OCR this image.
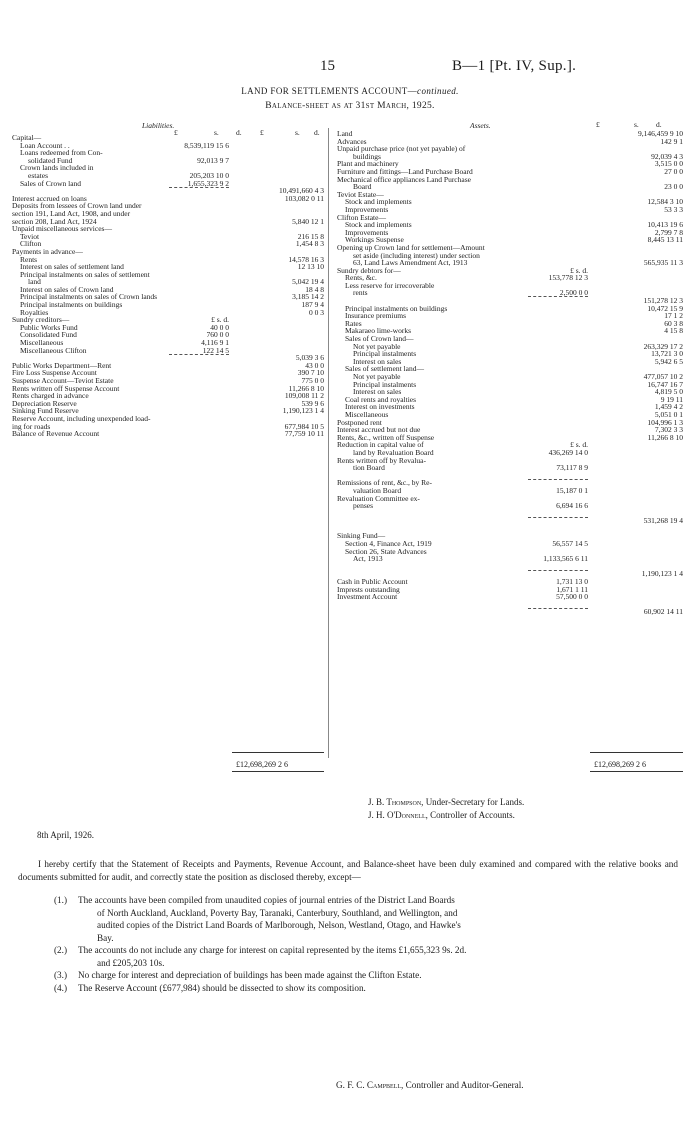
15	B—1 [Pt. IV, Sup.].
LAND FOR SETTLEMENTS ACCOUNT—continued.
Balance-sheet as at 31st March, 1925.
Liabilities.	Assets.
£	s. d. £	s. d.
£	s. d.
Capital—
Loan Account . .	8,539,119 15 6
Loans redeemed from Con-
solidated Fund	92,013 9 7
Crown lands included in
estates	205,203 10 0
Sales of Crown land	1,655,323 9 2
10,491,660 4 3
Interest accrued on loans	103,082 0 11
Deposits from lessees of Crown land under
section 191, Land Act, 1908, and under
section 208, Land Act, 1924	5,840 12 1
Unpaid miscellaneous services—
Teviot	216 15 8
Clifton	1,454 8 3
Payments in advance—
Rents	14,578 16 3
Interest on sales of settlement land	12 13 10
Principal instalments on sales of settlement
land	5,042 19 4
Interest on sales of Crown land	18 4 8
Principal instalments on sales of Crown lands	3,185 14 2
Principal instalments on buildings	187 9 4
Royalties	0 0 3
Sundry creditors—	£ s. d.
Public Works Fund	40 0 0
Consolidated Fund	760 0 0
Miscellaneous	4,116 9 1
Miscellaneous Clifton	122 14 5
5,039 3 6
Public Works Department—Rent	43 0 0
Fire Loss Suspense Account	390 7 10
Suspense Account—Teviot Estate	775 0 0
Rents written off Suspense Account	11,266 8 10
Rents charged in advance	109,008 11 2
Depreciation Reserve	539 9 6
Sinking Fund Reserve	1,190,123 1 4
Reserve Account, including unexpended load-
ing for roads	677,984 10 5
Balance of Revenue Account	77,759 10 11
Land	9,146,459 9 10
Advances	142 9 1
Unpaid purchase price (not yet payable) of
buildings	92,039 4 3
Plant and machinery	3,515 0 0
Furniture and fittings—Land Purchase Board	27 0 0
Mechanical office appliances Land Purchase
Board	23 0 0
Teviot Estate—
Stock and implements	12,584 3 10
Improvements	53 3 3
Clifton Estate—
Stock and implements	10,413 19 6
Improvements	2,799 7 8
Workings Suspense	8,445 13 11
Opening up Crown land for settlement—Amount
set aside (including interest) under section
63, Land Laws Amendment Act, 1913	565,935 11 3
Sundry debtors for—	£ s. d.
Rents, &c.	153,778 12 3
Less reserve for irrecoverable
rents	2,500 0 0
151,278 12 3
Principal instalments on buildings	10,472 15 9
Insurance premiums	17 1 2
Rates	60 3 8
Makaraeo lime-works	4 15 8
Sales of Crown land—
Not yet payable	263,329 17 2
Principal instalments	13,721 3 0
Interest on sales	5,942 6 5
Sales of settlement land—
Not yet payable	477,057 10 2
Principal instalments	16,747 16 7
Interest on sales	4,819 5 0
Coal rents and royalties	9 19 11
Interest on investments	1,459 4 2
Miscellaneous	5,051 0 1
Postponed rent	104,996 1 3
Interest accrued but not due	7,302 3 3
Rents, &c., written off Suspense	11,266 8 10
Reduction in capital value of	£ s. d.
land by Revaluation Board	436,269 14 0
Rents written off by Revalua-
tion Board	73,117 8 9
Remissions of rent, &c., by Re-
valuation Board	15,187 0 1
Revaluation Committee ex-
penses	6,694 16 6
531,268 19 4
Sinking Fund—
Section 4, Finance Act, 1919	56,557 14 5
Section 26, State Advances
Act, 1913	1,133,565 6 11
1,190,123 1 4
Cash in Public Account	1,731 13 0
Imprests outstanding	1,671 1 11
Investment Account	57,500 0 0
60,902 14 11
£12,698,269 2 6	£12,698,269 2 6
J. B. Thompson, Under-Secretary for Lands.
J. H. O'Donnell, Controller of Accounts.
8th April, 1926.
I hereby certify that the Statement of Receipts and Payments, Revenue Account, and Balance-sheet have been duly examined and compared with the relative books and documents submitted for audit, and correctly state the position as disclosed thereby, except—
(1.) The accounts have been compiled from unaudited copies of journal entries of the District Land Boards
of North Auckland, Auckland, Poverty Bay, Taranaki, Canterbury, Southland, and Wellington, and
audited copies of the District Land Boards of Marlborough, Nelson, Westland, Otago, and Hawke's
Bay.
(2.) The accounts do not include any charge for interest on capital represented by the items £1,655,323 9s. 2d.
and £205,203 10s.
(3.) No charge for interest and depreciation of buildings has been made against the Clifton Estate.
(4.) The Reserve Account (£677,984) should be dissected to show its composition.
G. F. C. Campbell, Controller and Auditor-General.
